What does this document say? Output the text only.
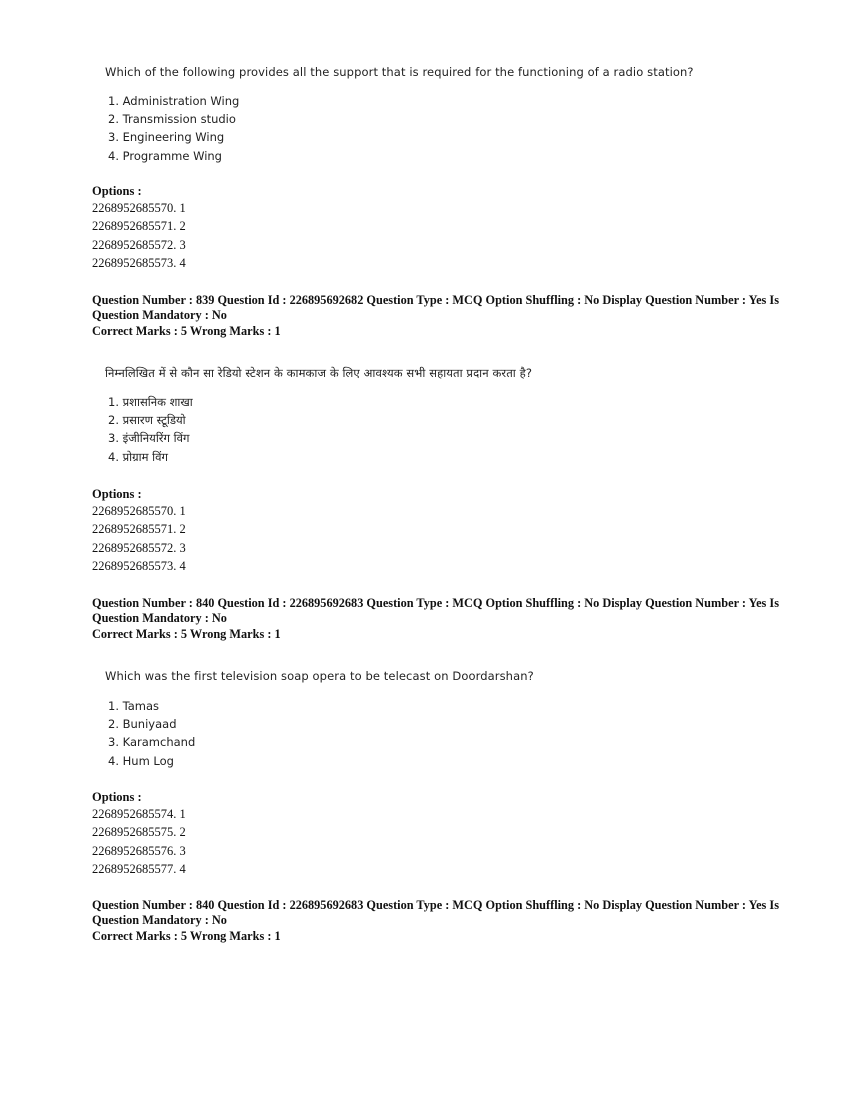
Which of the following provides all the support that is required for the functioning of a radio station?
1. Administration Wing
2. Transmission studio
3. Engineering Wing
4. Programme Wing
Options :
2268952685570. 1
2268952685571. 2
2268952685572. 3
2268952685573. 4
Question Number : 839 Question Id : 226895692682 Question Type : MCQ Option Shuffling : No Display Question Number : Yes Is
Question Mandatory : No
Correct Marks : 5 Wrong Marks : 1
निम्नलिखित में से कौन सा रेडियो स्टेशन के कामकाज के लिए आवश्यक सभी सहायता प्रदान करता है?
1. प्रशासनिक शाखा
2. प्रसारण स्टूडियो
3. इंजीनियरिंग विंग
4. प्रोग्राम विंग
Options :
2268952685570. 1
2268952685571. 2
2268952685572. 3
2268952685573. 4
Question Number : 840 Question Id : 226895692683 Question Type : MCQ Option Shuffling : No Display Question Number : Yes Is
Question Mandatory : No
Correct Marks : 5 Wrong Marks : 1
Which was the first television soap opera to be telecast on Doordarshan?
1. Tamas
2. Buniyaad
3. Karamchand
4. Hum Log
Options :
2268952685574. 1
2268952685575. 2
2268952685576. 3
2268952685577. 4
Question Number : 840 Question Id : 226895692683 Question Type : MCQ Option Shuffling : No Display Question Number : Yes Is
Question Mandatory : No
Correct Marks : 5 Wrong Marks : 1
